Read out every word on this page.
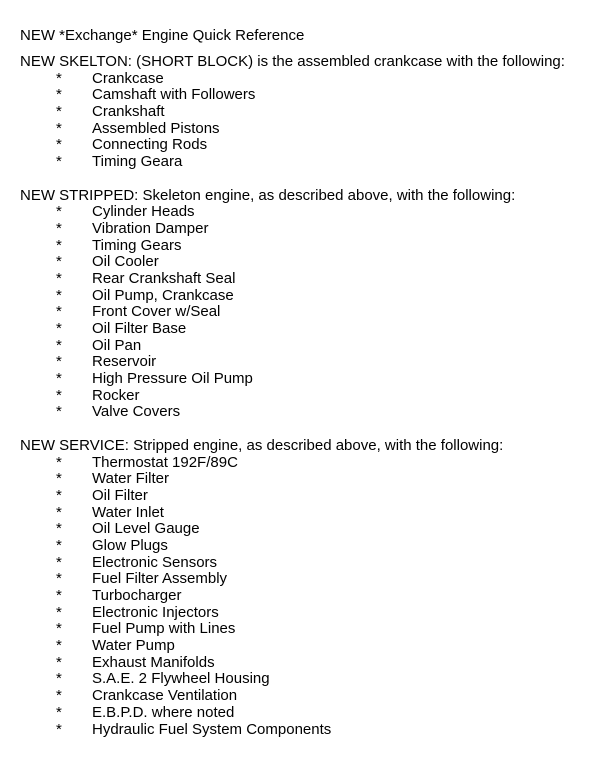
NEW *Exchange* Engine Quick Reference
NEW SKELTON: (SHORT BLOCK) is the assembled crankcase with the following:
* Crankcase
* Camshaft with Followers
* Crankshaft
* Assembled Pistons
* Connecting Rods
* Timing Geara
NEW STRIPPED: Skeleton engine, as described above, with the following:
* Cylinder Heads
* Vibration Damper
* Timing Gears
* Oil Cooler
* Rear Crankshaft Seal
* Oil Pump, Crankcase
* Front Cover w/Seal
* Oil Filter Base
* Oil Pan
* Reservoir
* High Pressure Oil Pump
* Rocker
* Valve Covers
NEW SERVICE: Stripped engine, as described above, with the following:
* Thermostat 192F/89C
* Water Filter
* Oil Filter
* Water Inlet
* Oil Level Gauge
* Glow Plugs
* Electronic Sensors
* Fuel Filter Assembly
* Turbocharger
* Electronic Injectors
* Fuel Pump with Lines
* Water Pump
* Exhaust Manifolds
* S.A.E. 2 Flywheel Housing
* Crankcase Ventilation
* E.B.P.D. where noted
* Hydraulic Fuel System Components
